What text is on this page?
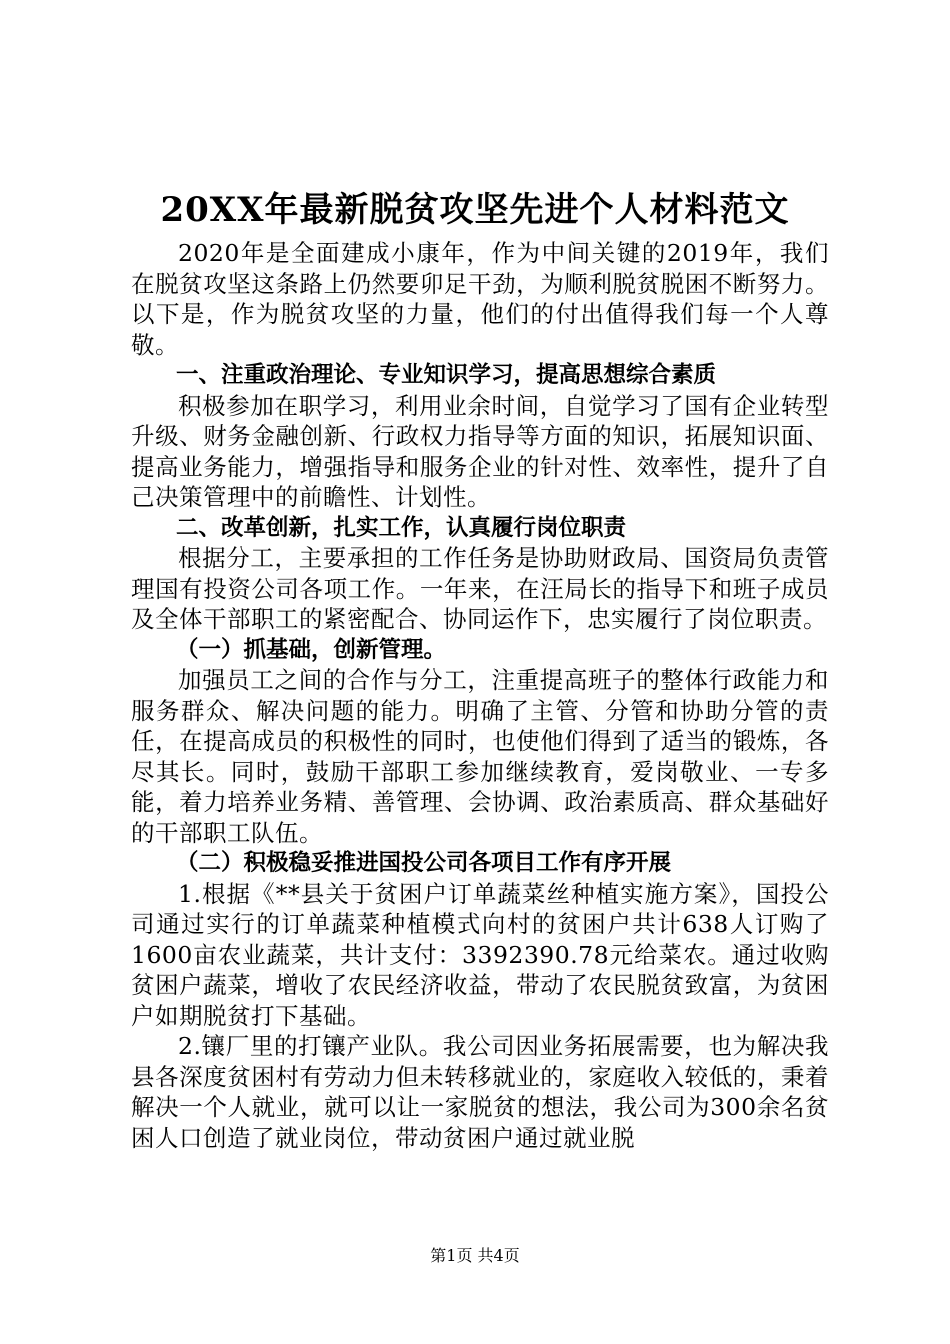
20XX年最新脱贫攻坚先进个人材料范文

2020年是全面建成小康年，作为中间关键的2019年，我们在脱贫攻坚这条路上仍然要卯足干劲，为顺利脱贫脱困不断努力。以下是，作为脱贫攻坚的力量，他们的付出值得我们每一个人尊敬。

一、注重政治理论、专业知识学习，提高思想综合素质

积极参加在职学习，利用业余时间，自觉学习了国有企业转型升级、财务金融创新、行政权力指导等方面的知识，拓展知识面、提高业务能力，增强指导和服务企业的针对性、效率性，提升了自己决策管理中的前瞻性、计划性。

二、改革创新，扎实工作，认真履行岗位职责

根据分工，主要承担的工作任务是协助财政局、国资局负责管理国有投资公司各项工作。一年来，在汪局长的指导下和班子成员及全体干部职工的紧密配合、协同运作下，忠实履行了岗位职责。

（一）抓基础，创新管理。

加强员工之间的合作与分工，注重提高班子的整体行政能力和服务群众、解决问题的能力。明确了主管、分管和协助分管的责任，在提高成员的积极性的同时，也使他们得到了适当的锻炼，各尽其长。同时，鼓励干部职工参加继续教育，爱岗敬业、一专多能，着力培养业务精、善管理、会协调、政治素质高、群众基础好的干部职工队伍。

（二）积极稳妥推进国投公司各项目工作有序开展

1.根据《**县关于贫困户订单蔬菜丝种植实施方案》，国投公司通过实行的订单蔬菜种植模式向村的贫困户共计638人订购了1600亩农业蔬菜，共计支付：3392390.78元给菜农。通过收购贫困户蔬菜，增收了农民经济收益，带动了农民脱贫致富，为贫困户如期脱贫打下基础。

2.镶厂里的打镶产业队。我公司因业务拓展需要，也为解决我县各深度贫困村有劳动力但未转移就业的，家庭收入较低的，秉着解决一个人就业，就可以让一家脱贫的想法，我公司为300余名贫困人口创造了就业岗位，带动贫困户通过就业脱

第1页 共4页
